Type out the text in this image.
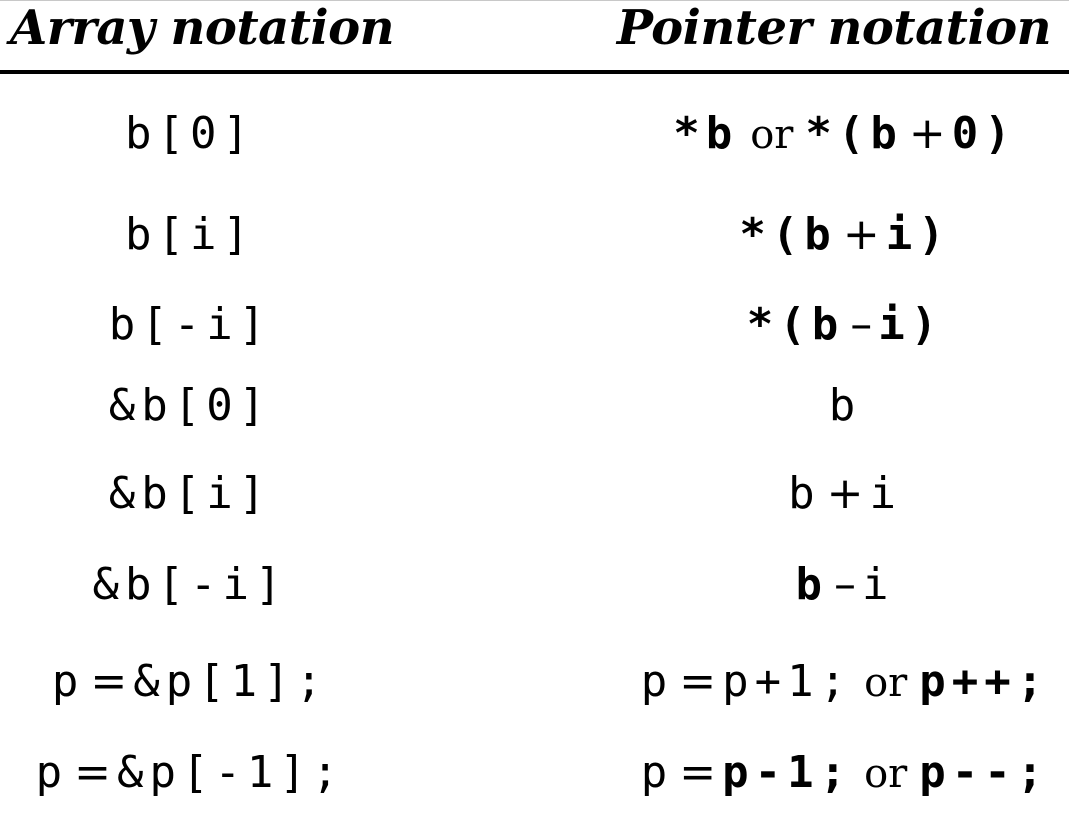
Array notation	Pointer notation
b[0]	*b or *(b + 0)
b[i]	*(b + i)
b[-i]	*(b – i)
&b[0]	b
&b[i]	b + i
&b[-i]	b – i
p = &p[1];	p = p+1; or p++;
p = &p[-1];	p = p-1; or p--;
